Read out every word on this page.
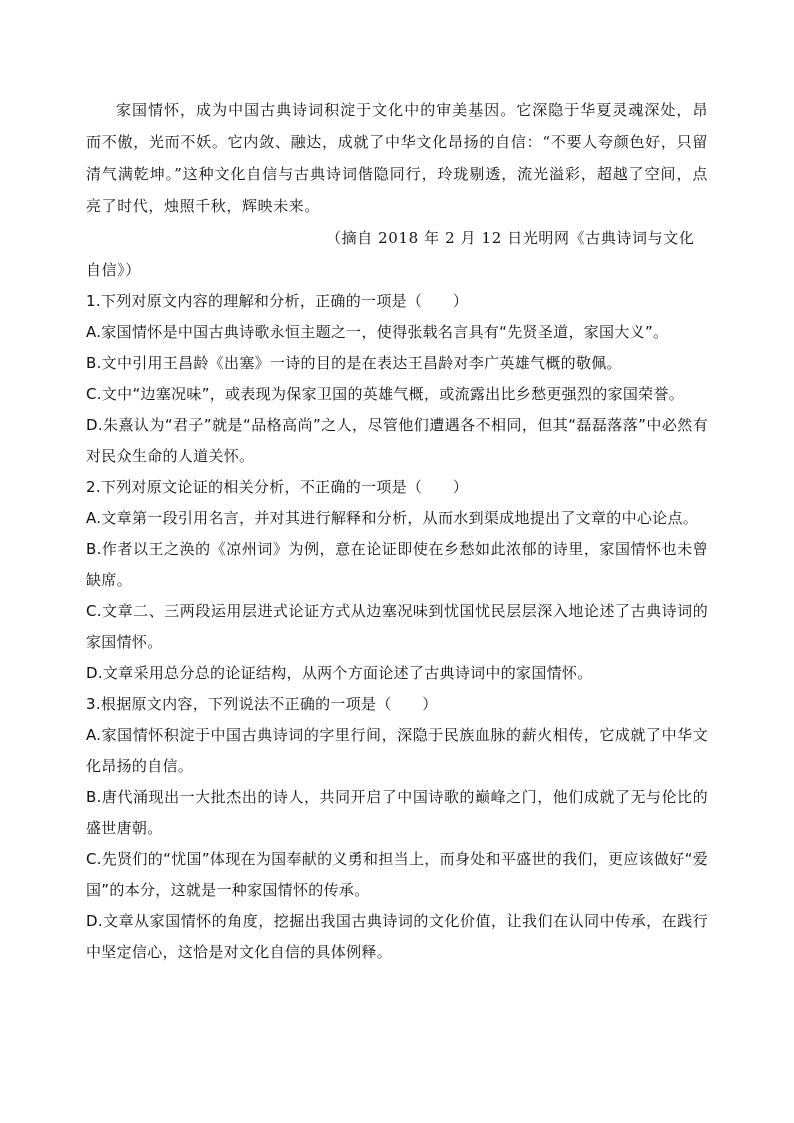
家国情怀，成为中国古典诗词积淀于文化中的审美基因。它深隐于华夏灵魂深处，昂而不傲，光而不妖。它内敛、融达，成就了中华文化昂扬的自信：“不要人夸颜色好，只留清气满乾坤。”这种文化自信与古典诗词偕隐同行，玲珑剔透，流光溢彩，超越了空间，点亮了时代，烛照千秋，辉映未来。

（摘自 2018 年 2 月 12 日光明网《古典诗词与文化自信》）

1.下列对原文内容的理解和分析，正确的一项是（　　）

A.家国情怀是中国古典诗歌永恒主题之一，使得张载名言具有“先贤圣道，家国大义”。

B.文中引用王昌龄《出塞》一诗的目的是在表达王昌龄对李广英雄气概的敬佩。

C.文中“边塞况味”，或表现为保家卫国的英雄气概，或流露出比乡愁更强烈的家国荣誉。

D.朱熹认为“君子”就是“品格高尚”之人，尽管他们遭遇各不相同，但其“磊磊落落”中必然有对民众生命的人道关怀。

2.下列对原文论证的相关分析，不正确的一项是（　　）

A.文章第一段引用名言，并对其进行解释和分析，从而水到渠成地提出了文章的中心论点。

B.作者以王之涣的《凉州词》为例，意在论证即使在乡愁如此浓郁的诗里，家国情怀也未曾缺席。

C.文章二、三两段运用层进式论证方式从边塞况味到忧国忧民层层深入地论述了古典诗词的家国情怀。

D.文章采用总分总的论证结构，从两个方面论述了古典诗词中的家国情怀。

3.根据原文内容，下列说法不正确的一项是（　　）

A.家国情怀积淀于中国古典诗词的字里行间，深隐于民族血脉的薪火相传，它成就了中华文化昂扬的自信。

B.唐代涌现出一大批杰出的诗人，共同开启了中国诗歌的巅峰之门，他们成就了无与伦比的盛世唐朝。

C.先贤们的“忧国”体现在为国奉献的义勇和担当上，而身处和平盛世的我们，更应该做好“爱国”的本分，这就是一种家国情怀的传承。

D.文章从家国情怀的角度，挖掘出我国古典诗词的文化价值，让我们在认同中传承，在践行中坚定信心，这恰是对文化自信的具体例释。
